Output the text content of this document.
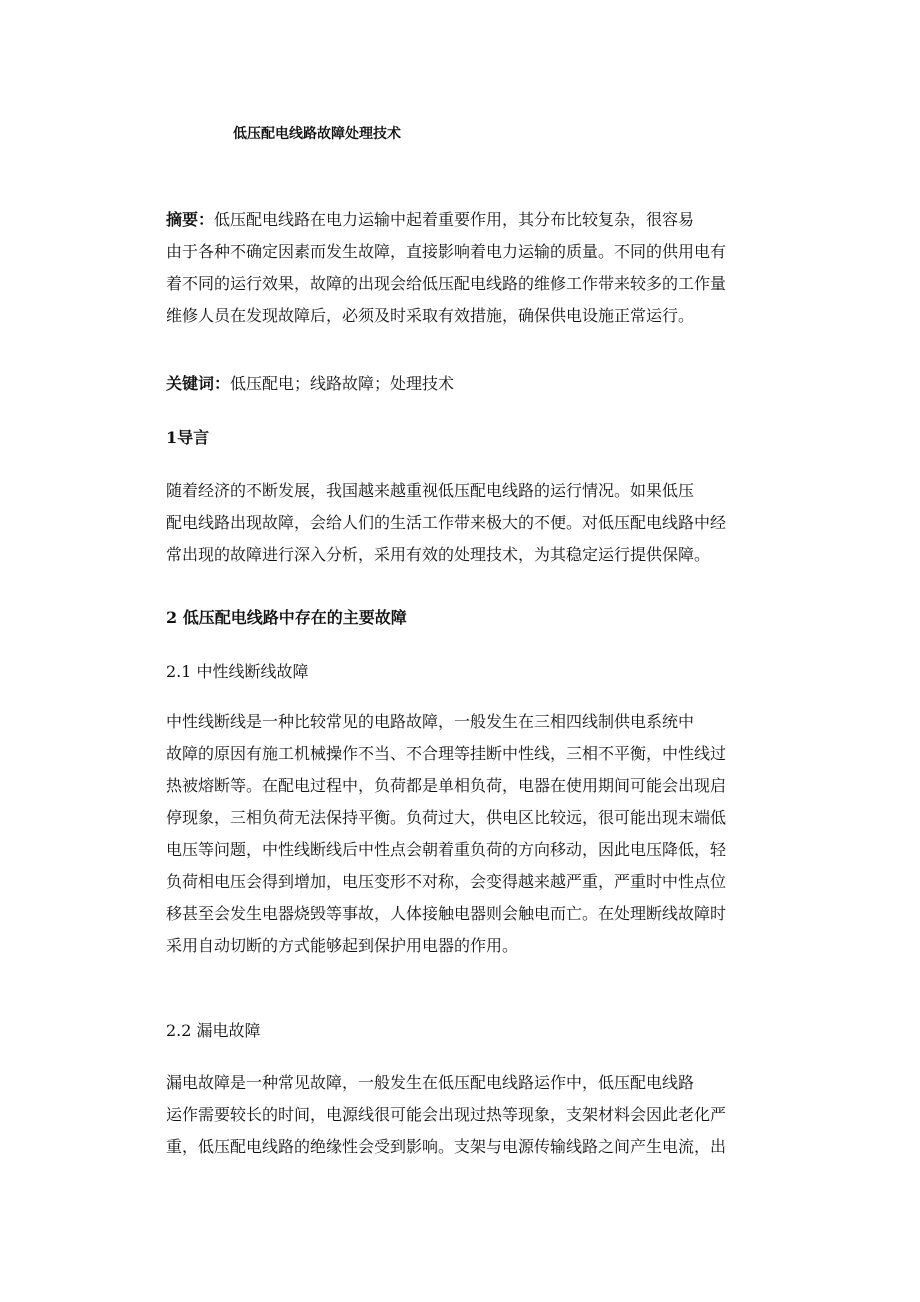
低压配电线路故障处理技术
摘要：低压配电线路在电力运输中起着重要作用，其分布比较复杂，很容易
由于各种不确定因素而发生故障，直接影响着电力运输的质量。不同的供用电有
着不同的运行效果，故障的出现会给低压配电线路的维修工作带来较多的工作量
维修人员在发现故障后，必须及时采取有效措施，确保供电设施正常运行。
关键词：低压配电；线路故障；处理技术
1导言
随着经济的不断发展，我国越来越重视低压配电线路的运行情况。如果低压
配电线路出现故障，会给人们的生活工作带来极大的不便。对低压配电线路中经
常出现的故障进行深入分析，采用有效的处理技术，为其稳定运行提供保障。
2 低压配电线路中存在的主要故障
2.1 中性线断线故障
中性线断线是一种比较常见的电路故障，一般发生在三相四线制供电系统中
故障的原因有施工机械操作不当、不合理等挂断中性线，三相不平衡，中性线过
热被熔断等。在配电过程中，负荷都是单相负荷，电器在使用期间可能会出现启
停现象，三相负荷无法保持平衡。负荷过大，供电区比较远，很可能出现末端低
电压等问题，中性线断线后中性点会朝着重负荷的方向移动，因此电压降低，轻
负荷相电压会得到增加，电压变形不对称，会变得越来越严重，严重时中性点位
移甚至会发生电器烧毁等事故，人体接触电器则会触电而亡。在处理断线故障时
采用自动切断的方式能够起到保护用电器的作用。
2.2 漏电故障
漏电故障是一种常见故障，一般发生在低压配电线路运作中，低压配电线路
运作需要较长的时间，电源线很可能会出现过热等现象，支架材料会因此老化严
重，低压配电线路的绝缘性会受到影响。支架与电源传输线路之间产生电流，出
